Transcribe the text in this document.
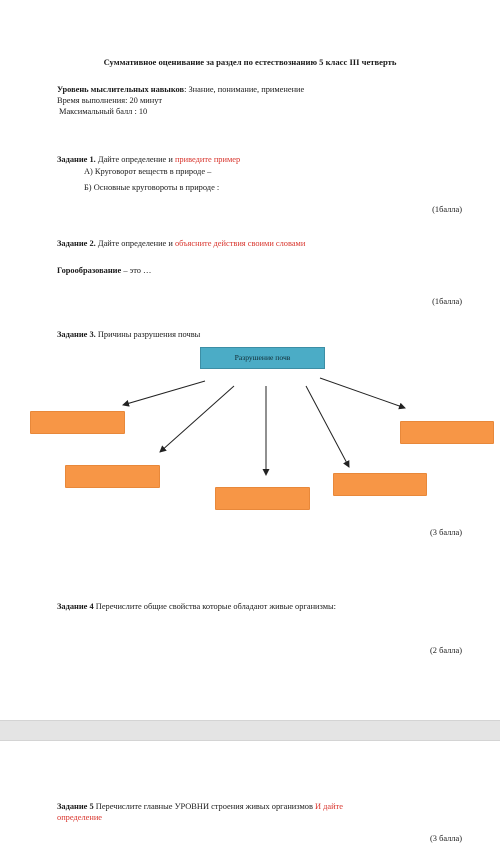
Суммативное оценивание за раздел по естествознанию 5 класс III четверть
Уровень мыслительных навыков: Знание, понимание, применение
Время выполнения: 20 минут
Максимальный балл : 10
Задание 1. Дайте определение и приведите пример
А) Круговорот веществ в природе –
Б) Основные круговороты в природе :
(1балла)
Задание 2. Дайте определение и объясните действия своими словами
Горообразование – это …
(1балла)
Задание 3. Причины разрушения почвы
Разрушение почв
(3 балла)
Задание 4 Перечислите общие свойства которые обладают живые организмы:
(2 балла)
Задание 5 Перечислите главные УРОВНИ строения живых организмов И дайте
определение
(3 балла)
